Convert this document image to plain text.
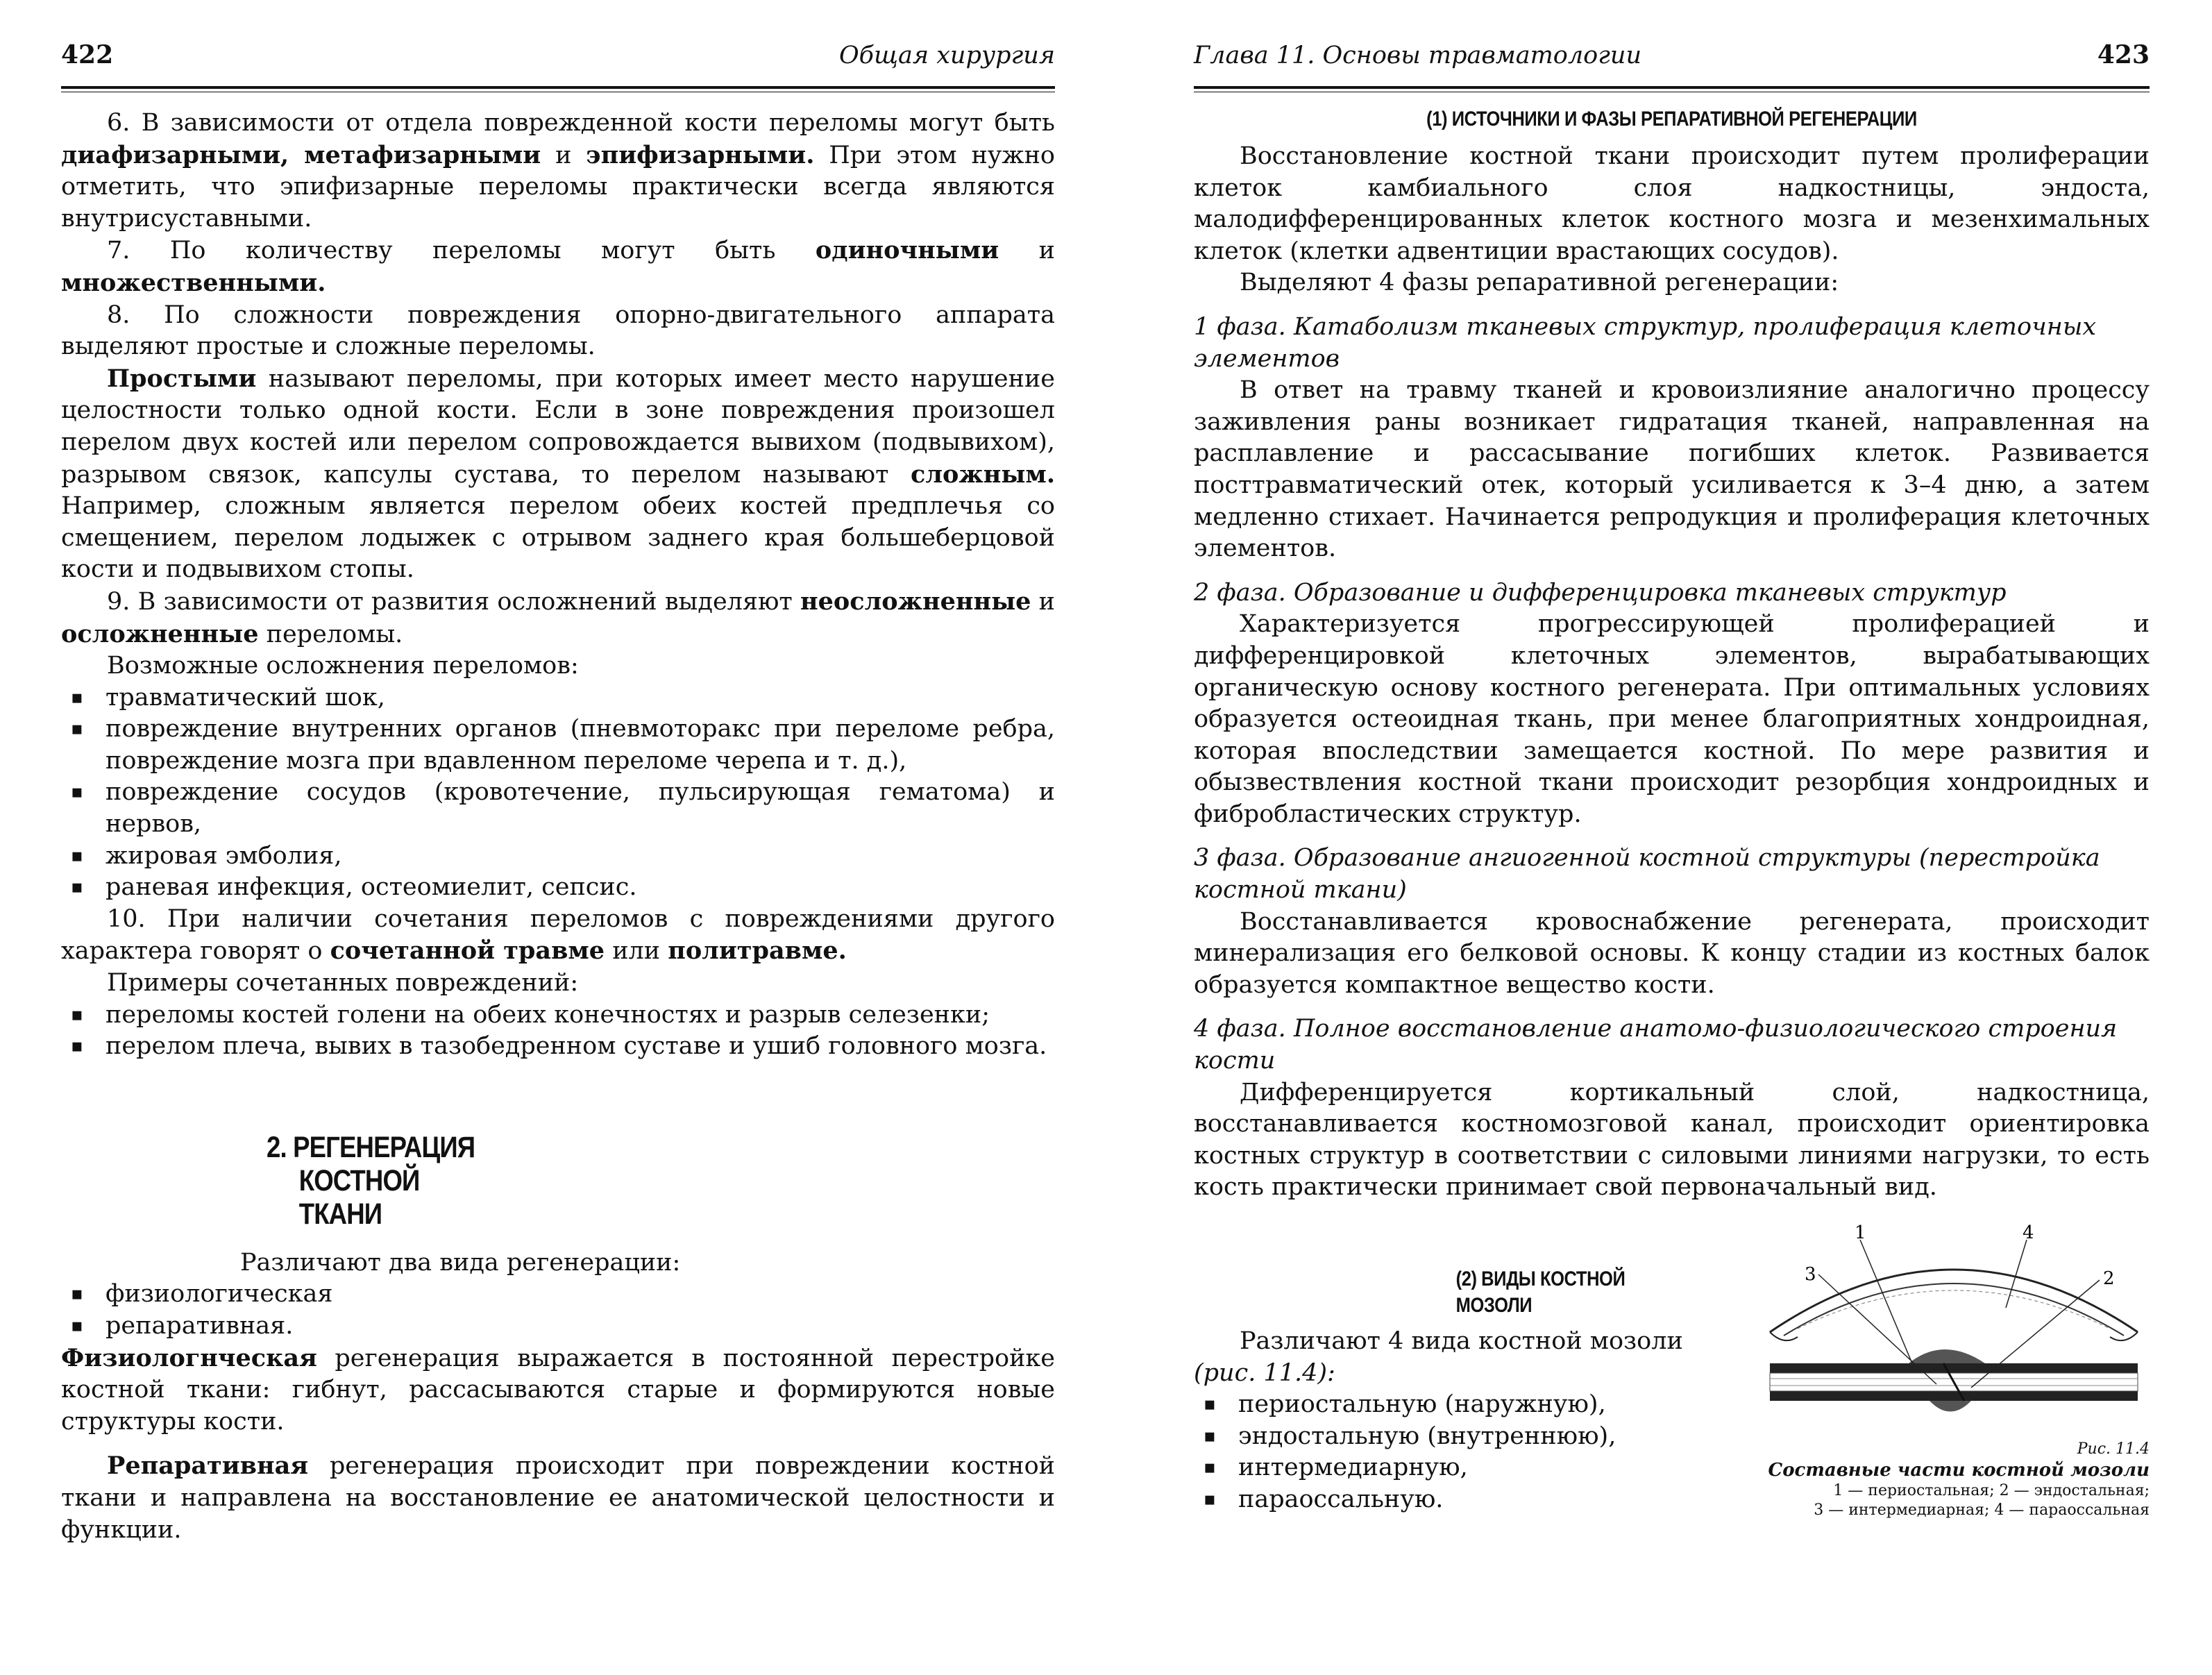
422	Общая хирургия

6. В зависимости от отдела поврежденной кости переломы могут быть диафизарными, метафизарными и эпифизарными. При этом нужно отметить, что эпифизарные переломы практически всегда являются внутрисуставными.

7. По количеству переломы могут быть одиночными и множественными.

8. По сложности повреждения опорно-двигательного аппарата выделяют простые и сложные переломы.

Простыми называют переломы, при которых имеет место нарушение целостности только одной кости. Если в зоне повреждения произошел перелом двух костей или перелом сопровождается вывихом (подвывихом), разрывом связок, капсулы сустава, то перелом называют сложным. Например, сложным является перелом обеих костей предплечья со смещением, перелом лодыжек с отрывом заднего края большеберцовой кости и подвывихом стопы.

9. В зависимости от развития осложнений выделяют неосложненные и осложненные переломы.

Возможные осложнения переломов:

▪ травматический шок,
▪ повреждение внутренних органов (пневмоторакс при переломе ребра, повреждение мозга при вдавленном переломе черепа и т. д.),
▪ повреждение сосудов (кровотечение, пульсирующая гематома) и нервов,
▪ жировая эмболия,
▪ раневая инфекция, остеомиелит, сепсис.

10. При наличии сочетания переломов с повреждениями другого характера говорят о сочетанной травме или политравме.

Примеры сочетанных повреждений:

▪ переломы костей голени на обеих конечностях и разрыв селезенки;
▪ перелом плеча, вывих в тазобедренном суставе и ушиб головного мозга.
2. РЕГЕНЕРАЦИЯ
КОСТНОЙ
ТКАНИ

Различают два вида регенерации:

▪ физиологическая
▪ репаративная.

Физиологнческая регенерация выражается в постоянной перестройке костной ткани: гибнут, рассасываются старые и формируются новые структуры кости.

Репаративная регенерация происходит при повреждении костной ткани и направлена на восстановление ее анатомической целостности и функции.

Глава 11. Основы травматологии	423
(1) ИСТОЧНИКИ И ФАЗЫ РЕПАРАТИВНОЙ РЕГЕНЕРАЦИИ

Восстановление костной ткани происходит путем пролиферации клеток камбиального слоя надкостницы, эндоста, малодифференцированных клеток костного мозга и мезенхимальных клеток (клетки адвентиции врастающих сосудов).

Выделяют 4 фазы репаративной регенерации:

1 фаза. Катаболизм тканевых структур, пролиферация клеточных элементов

В ответ на травму тканей и кровоизлияние аналогично процессу заживления раны возникает гидратация тканей, направленная на расплавление и рассасывание погибших клеток. Развивается посттравматический отек, который усиливается к 3–4 дню, а затем медленно стихает. Начинается репродукция и пролиферация клеточных элементов.

2 фаза. Образование и дифференцировка тканевых структур

Характеризуется прогрессирующей пролиферацией и дифференцировкой клеточных элементов, вырабатывающих органическую основу костного регенерата. При оптимальных условиях образуется остеоидная ткань, при менее благоприятных хондроидная, которая впоследствии замещается костной. По мере развития и обызвествления костной ткани происходит резорбция хондроидных и фибробластических структур.

3 фаза. Образование ангиогенной костной структуры (перестройка костной ткани)

Восстанавливается кровоснабжение регенерата, происходит минерализация его белковой основы. К концу стадии из костных балок образуется компактное вещество кости.

4 фаза. Полное восстановление анатомо-физиологического строения кости

Дифференцируется кортикальный слой, надкостница, восстанавливается костномозговой канал, происходит ориентировка костных структур в соответствии с силовыми линиями нагрузки, то есть кость практически принимает свой первоначальный вид.

(2) ВИДЫ КОСТНОЙ
МОЗОЛИ

Различают 4 вида костной мозоли

(рис. 11.4):

▪ периостальную (наружную),
▪ эндостальную (внутреннюю),
▪ интермедиарную,
▪ параоссальную.
1	4
3	2
Рис. 11.4
Составные части костной мозоли
1 — периостальная; 2 — эндостальная;
3 — интермедиарная; 4 — параоссальная
